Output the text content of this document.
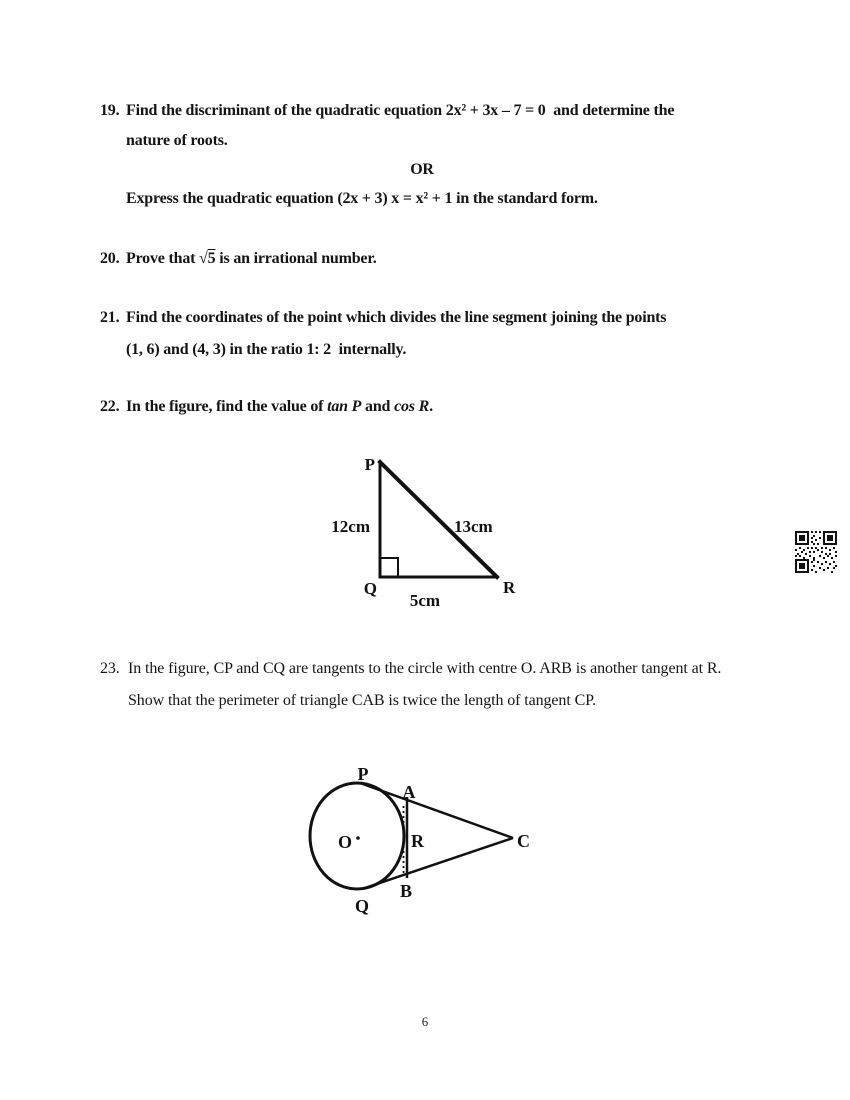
19. Find the discriminant of the quadratic equation 2x² + 3x – 7 = 0  and determine the
nature of roots.
OR
Express the quadratic equation (2x + 3) x = x² + 1 in the standard form.
20. Prove that √5 is an irrational number.
21. Find the coordinates of the point which divides the line segment joining the points
(1, 6) and (4, 3) in the ratio 1: 2  internally.
22. In the figure, find the value of tan P and cos R.
P
Q	R
12cm	13cm
5cm
23. In the figure, CP and CQ are tangents to the circle with centre O. ARB is another tangent at R.
Show that the perimeter of triangle CAB is twice the length of tangent CP.
P
A
O	R	C
B
Q
6
